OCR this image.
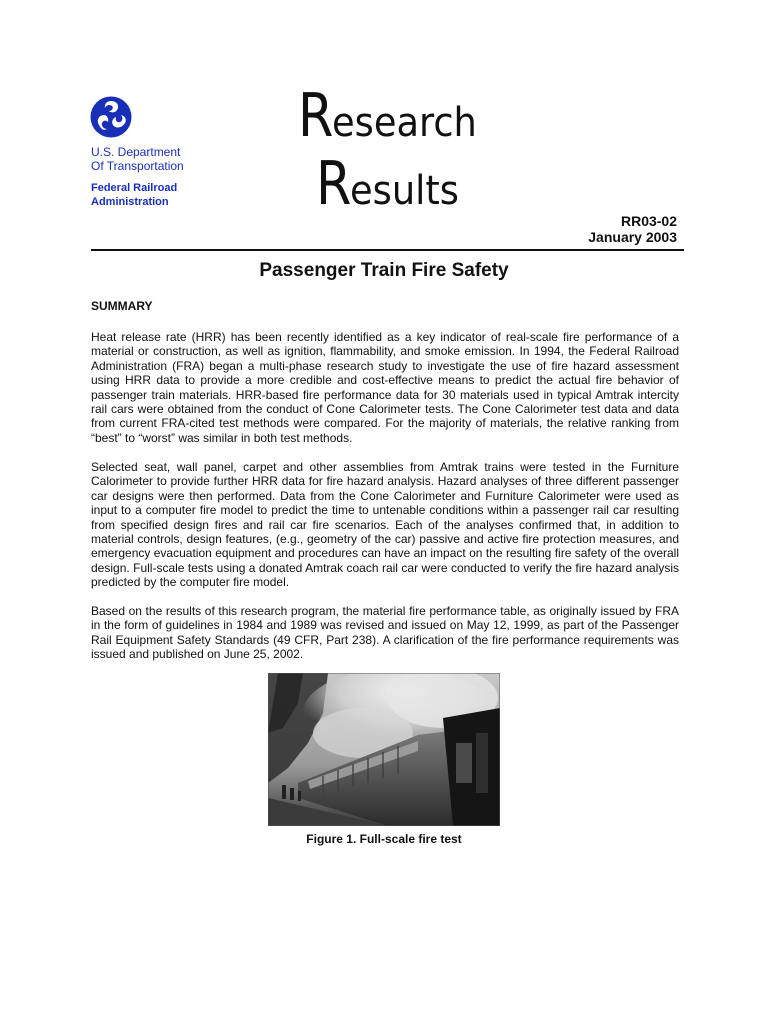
U.S. Department
Of Transportation
Federal Railroad
Administration
Research
Results
RR03-02
January 2003
Passenger Train Fire Safety
SUMMARY

Heat release rate (HRR) has been recently identified as a key indicator of real-scale fire performance of a material or construction, as well as ignition, flammability, and smoke emission. In 1994, the Federal Railroad Administration (FRA) began a multi-phase research study to investigate the use of fire hazard assessment using HRR data to provide a more credible and cost-effective means to predict the actual fire behavior of passenger train materials. HRR-based fire performance data for 30 materials used in typical Amtrak intercity rail cars were obtained from the conduct of Cone Calorimeter tests. The Cone Calorimeter test data and data from current FRA-cited test methods were compared. For the majority of materials, the relative ranking from “best” to “worst” was similar in both test methods.

Selected seat, wall panel, carpet and other assemblies from Amtrak trains were tested in the Furniture Calorimeter to provide further HRR data for fire hazard analysis. Hazard analyses of three different passenger car designs were then performed. Data from the Cone Calorimeter and Furniture Calorimeter were used as input to a computer fire model to predict the time to untenable conditions within a passenger rail car resulting from specified design fires and rail car fire scenarios. Each of the analyses confirmed that, in addition to material controls, design features, (e.g., geometry of the car) passive and active fire protection measures, and emergency evacuation equipment and procedures can have an impact on the resulting fire safety of the overall design. Full-scale tests using a donated Amtrak coach rail car were conducted to verify the fire hazard analysis predicted by the computer fire model.

Based on the results of this research program, the material fire performance table, as originally issued by FRA in the form of guidelines in 1984 and 1989 was revised and issued on May 12, 1999, as part of the Passenger Rail Equipment Safety Standards (49 CFR, Part 238). A clarification of the fire performance requirements was issued and published on June 25, 2002.

Figure 1. Full-scale fire test
